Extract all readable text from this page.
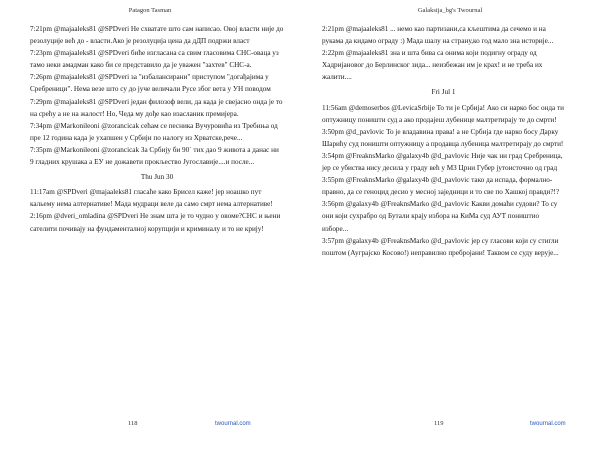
Patagon Tasman

7:21pm @majaaleks81 @SPDveri Не схватате што сам написао. Овој власти није до резолуције већ до - власти.Ако је резолуција цена да дДП подржи власт

7:23pm @majaaleks81 @SPDveri биће изгласана са свим гласовима СНС-оваца уз тамо неки амадман како би се представило да је уважен "захтев" СНС-а.

7:26pm @majaaleks81 @SPDveri за "избалансирани" приступом "догађајима у Сребреници". Нема везе што су до јуче величали Русе због вета у УН поводом

7:29pm @majaaleks81 @SPDveri један филозоф вели, да када је свејасно онда је то на срећу а не на жалост! Но, Чеда му дође као изасланик премијера.

7:34pm @Markonileoni @zorancicak сећам се песника Вучуровића из Требиња од пре 12 година када је ухапшен у Србији по налогу из Хрватске,рече...

7:35pm @Markonileoni @zorancicak За Србију би 90` тих дао 9 живота а данас ни 9 гладних крушака а ЕУ не дожавети прокљество Југославије....и после...

Thu Jun 30

11:17am @SPDveri @majaaleks81 гласаће како Брисел каже! јер ноашко пут кальему нема алтернативе! Мада мудраци веле да само смрт нема алтернативе!

2:16pm @dveri_omladina @SPDveri Не знам шта је то чудно у овоме?СНС и њени сателити почивају на фундаменталној корупцији и криминалу и то не крију!

118	twournal.com
Galaksija_bg's Twournal

2:21pm @majaaleks81 ... немо као партизани,са кљештима да сечемо и на рукама да кидамо ограду :) Мада шалу на страну,ко год мало зна историје...

2:22pm @majaaleks81 зна и шта бива са онима који подигну ограду од Хадријановог до Берлинског зида... неизбежан им је крах! и не треба их жалити....

Fri Jul 1

11:56am @demoserbos @LevicaSrbije То ти је Србија! Ако си нарко бос онда ти оптужницу поништи суд а ако продајеш лубенице малтретирају те до смрти!

3:50pm @d_pavlovic То је владавина права! а не Србија где нарко босу Дарку Шарићу суд поништи оптужницу а продавца лубеница малтретирају до смрти!

3:54pm @FreaknsMarko @galaxy4b @d_pavlovic Није чак ни град Сребреница, јер се убиства нису десила у граду већ у МЗ Црни Губер јутоисточно од град

3:55pm @FreaknsMarko @galaxy4b @d_pavlovic тако да испада, формално-правно, да се геноцид десио у месној заједници и то све по Хашкој правди?!?

3:56pm @galaxy4b @FreaknsMarko @d_pavlovic Какви домаћи судови? То су они који сухрабро од Бутали крају избора на КиМа суд АУТ поништио изборе...

3:57pm @galaxy4b @FreaknsMarko @d_pavlovic јер су гласови који су стигли поштом (Ауграјско Косово!) неправилно пребројани! Таквом се суду верује...

119	twournal.com
